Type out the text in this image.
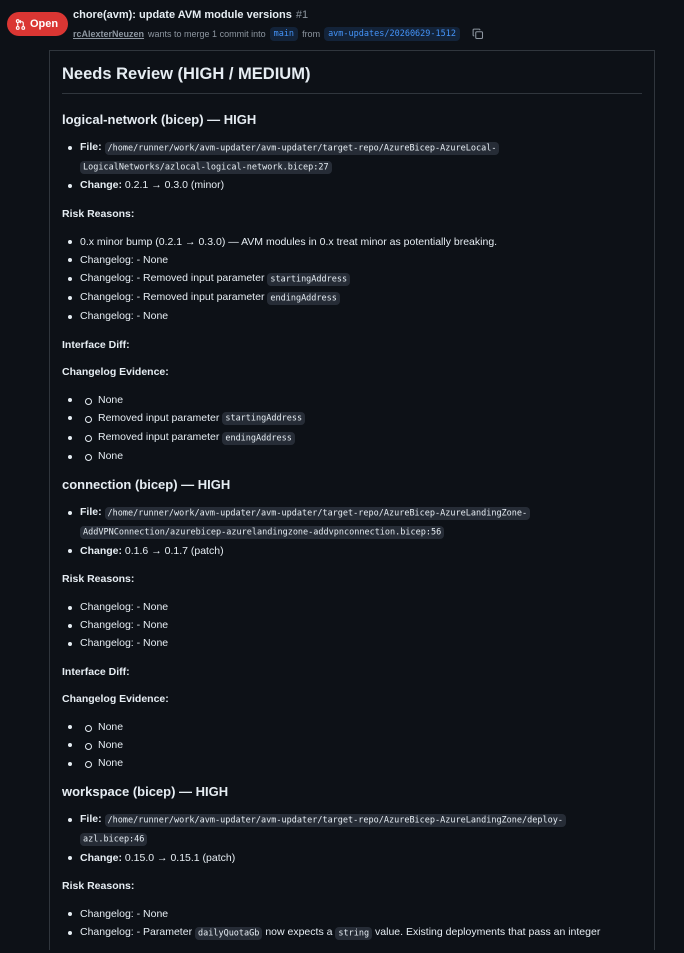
Open
chore(avm): update AVM module versions #1
rcAlexterNeuzen wants to merge 1 commit into main from avm-updates/20260629-1512
Needs Review (HIGH / MEDIUM)
logical-network (bicep) — HIGH
File: /home/runner/work/avm-updater/avm-updater/target-repo/AzureBicep-AzureLocal-
LogicalNetworks/azlocal-logical-network.bicep:27
Change: 0.2.1 → 0.3.0 (minor)

Risk Reasons:

0.x minor bump (0.2.1 → 0.3.0) — AVM modules in 0.x treat minor as potentially breaking.
Changelog: - None
Changelog: - Removed input parameter startingAddress
Changelog: - Removed input parameter endingAddress
Changelog: - None

Interface Diff:

Changelog Evidence:

None
Removed input parameter startingAddress
Removed input parameter endingAddress
None
connection (bicep) — HIGH
File: /home/runner/work/avm-updater/avm-updater/target-repo/AzureBicep-AzureLandingZone-
AddVPNConnection/azurebicep-azurelandingzone-addvpnconnection.bicep:56
Change: 0.1.6 → 0.1.7 (patch)

Risk Reasons:

Changelog: - None
Changelog: - None
Changelog: - None

Interface Diff:

Changelog Evidence:

None
None
None
workspace (bicep) — HIGH
File: /home/runner/work/avm-updater/avm-updater/target-repo/AzureBicep-AzureLandingZone/deploy-
azl.bicep:46
Change: 0.15.0 → 0.15.1 (patch)

Risk Reasons:

Changelog: - None
Changelog: - Parameter dailyQuotaGb now expects a string value. Existing deployments that pass an integer
